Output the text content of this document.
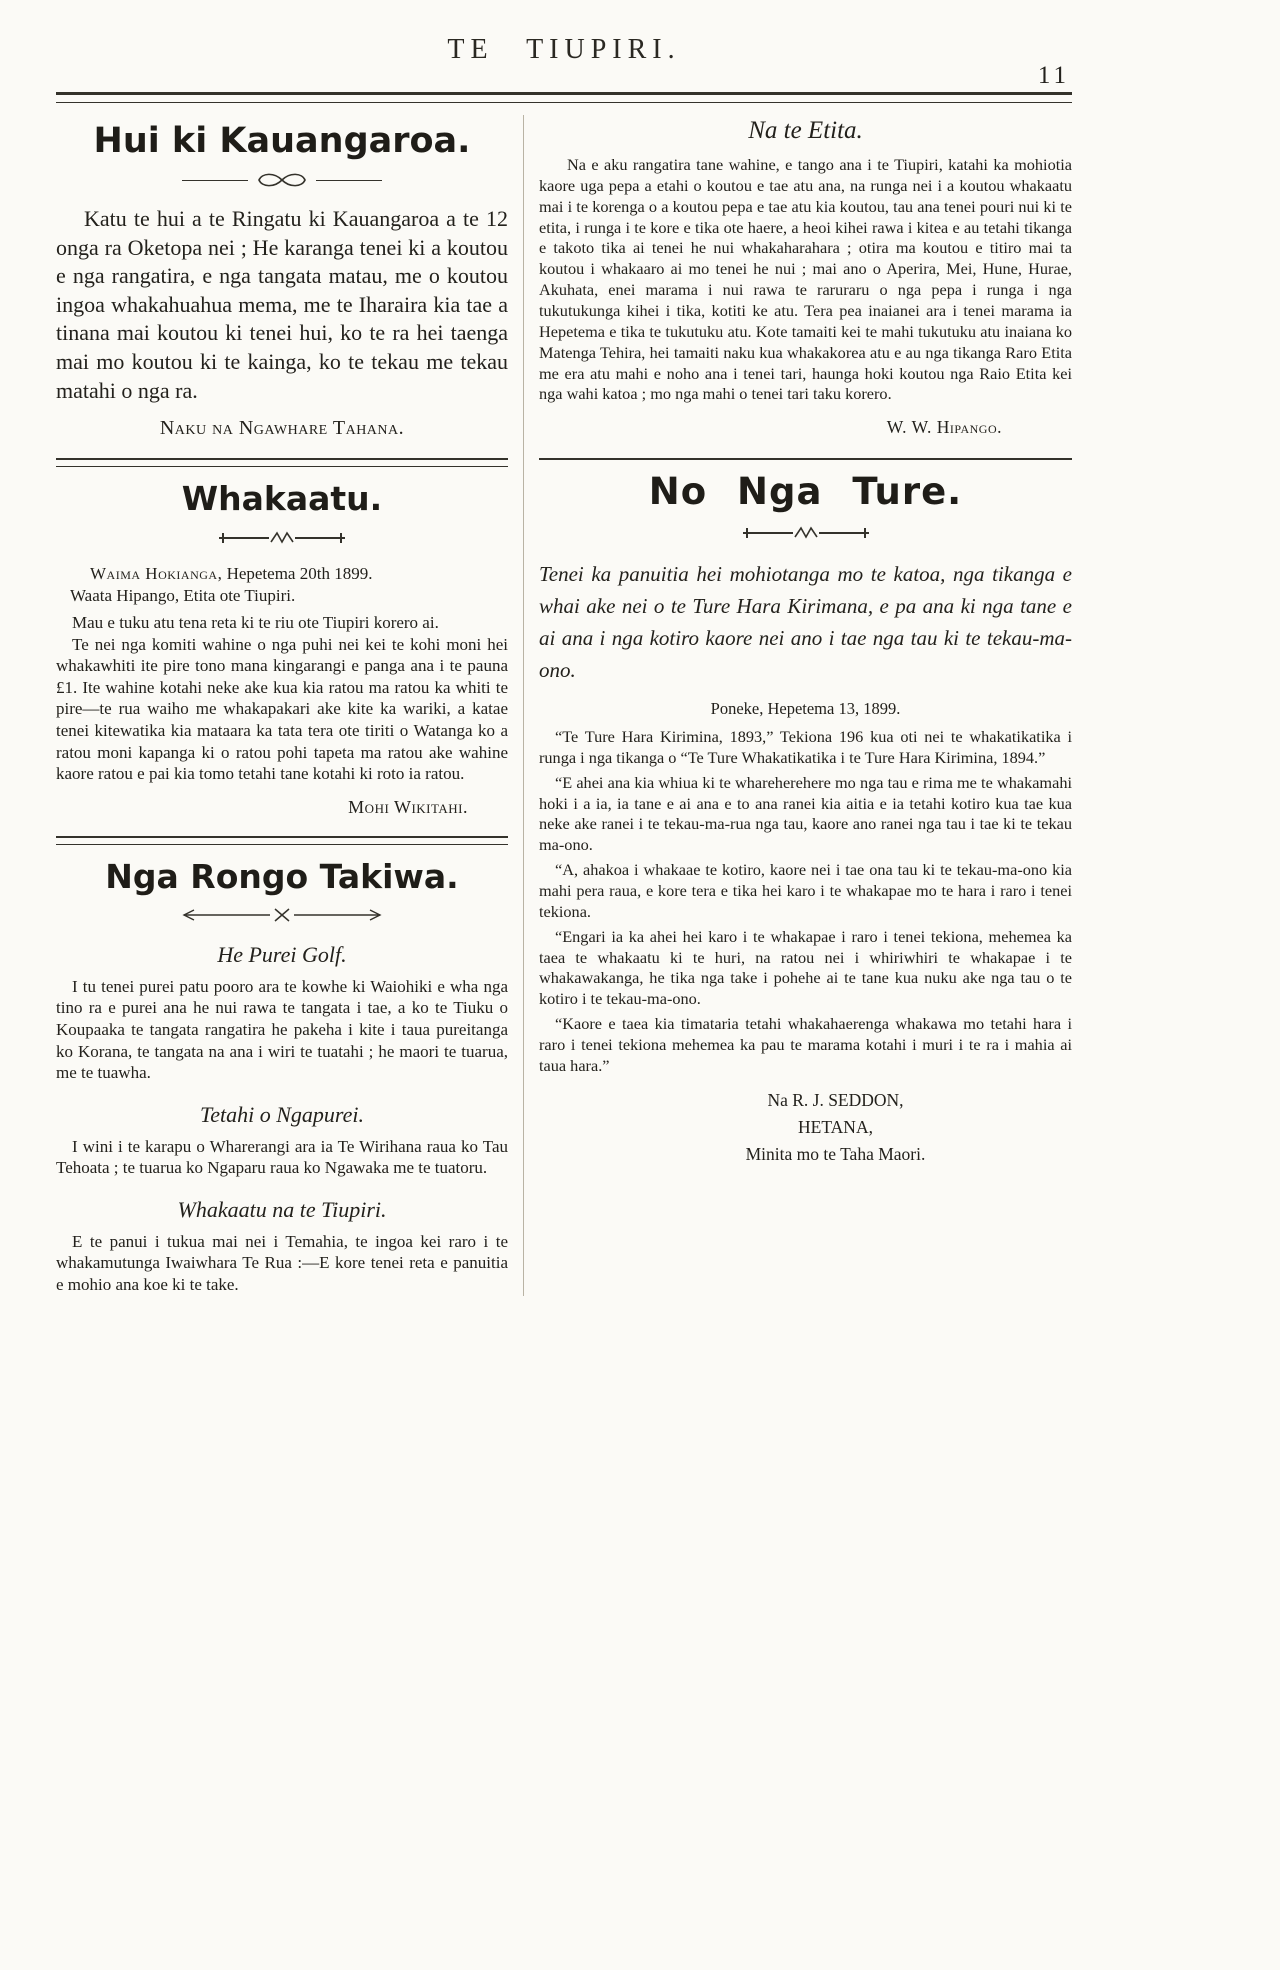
TE TIUPIRI.
11
Hui ki Kauangaroa.

Katu te hui a te Ringatu ki Kauangaroa a te 12 onga ra Oketopa nei ; He karanga tenei ki a koutou e nga rangatira, e nga tangata matau, me o koutou ingoa whakahuahua mema, me te Iharaira kia tae a tinana mai koutou ki tenei hui, ko te ra hei taenga mai mo koutou ki te kainga, ko te tekau me tekau matahi o nga ra.

Naku na Ngawhare Tahana.

Whakaatu.

Waima Hokianga, Hepetema 20th 1899.

Waata Hipango, Etita ote Tiupiri.

Mau e tuku atu tena reta ki te riu ote Tiupiri korero ai.

Te nei nga komiti wahine o nga puhi nei kei te kohi moni hei whakawhiti ite pire tono mana kingarangi e panga ana i te pauna £1. Ite wahine kotahi neke ake kua kia ratou ma ratou ka whiti te pire—te rua waiho me whakapakari ake kite ka wariki, a katae tenei kitewatika kia mataara ka tata tera ote tiriti o Watanga ko a ratou moni kapanga ki o ratou pohi tapeta ma ratou ake wahine kaore ratou e pai kia tomo tetahi tane kotahi ki roto ia ratou.

Mohi Wikitahi.

Nga Rongo Takiwa.
He Purei Golf.

I tu tenei purei patu pooro ara te kowhe ki Waiohiki e wha nga tino ra e purei ana he nui rawa te tangata i tae, a ko te Tiuku o Koupaaka te tangata rangatira he pakeha i kite i taua pureitanga ko Korana, te tangata na ana i wiri te tuatahi ; he maori te tuarua, me te tuawha.

Tetahi o Ngapurei.

I wini i te karapu o Wharerangi ara ia Te Wirihana raua ko Tau Tehoata ; te tuarua ko Ngaparu raua ko Ngawaka me te tuatoru.

Whakaatu na te Tiupiri.

E te panui i tukua mai nei i Temahia, te ingoa kei raro i te whakamutunga Iwaiwhara Te Rua :—E kore tenei reta e panuitia e mohio ana koe ki te take.

Na te Etita.

Na e aku rangatira tane wahine, e tango ana i te Tiupiri, katahi ka mohiotia kaore uga pepa a etahi o koutou e tae atu ana, na runga nei i a koutou whakaatu mai i te korenga o a koutou pepa e tae atu kia koutou, tau ana tenei pouri nui ki te etita, i runga i te kore e tika ote haere, a heoi kihei rawa i kitea e au tetahi tikanga e takoto tika ai tenei he nui whakaharahara ; otira ma koutou e titiro mai ta koutou i whakaaro ai mo tenei he nui ; mai ano o Aperira, Mei, Hune, Hurae, Akuhata, enei marama i nui rawa te raruraru o nga pepa i runga i nga tukutukunga kihei i tika, kotiti ke atu. Tera pea inaianei ara i tenei marama ia Hepetema e tika te tukutuku atu. Kote tamaiti kei te mahi tukutuku atu inaiana ko Matenga Tehira, hei tamaiti naku kua whakakorea atu e au nga tikanga Raro Etita me era atu mahi e noho ana i tenei tari, haunga hoki koutou nga Raio Etita kei nga wahi katoa ; mo nga mahi o tenei tari taku korero.

W. W. Hipango.

No Nga Ture.

Tenei ka panuitia hei mohiotanga mo te katoa, nga tikanga e whai ake nei o te Ture Hara Kirimana, e pa ana ki nga tane e ai ana i nga kotiro kaore nei ano i tae nga tau ki te tekau-ma-ono.

Poneke, Hepetema 13, 1899.

“Te Ture Hara Kirimina, 1893,” Tekiona 196 kua oti nei te whakatikatika i runga i nga tikanga o “Te Ture Whakatikatika i te Ture Hara Kirimina, 1894.”

“E ahei ana kia whiua ki te whareherehere mo nga tau e rima me te whakamahi hoki i a ia, ia tane e ai ana e to ana ranei kia aitia e ia tetahi kotiro kua tae kua neke ake ranei i te tekau-ma-rua nga tau, kaore ano ranei nga tau i tae ki te tekau ma-ono.

“A, ahakoa i whakaae te kotiro, kaore nei i tae ona tau ki te tekau-ma-ono kia mahi pera raua, e kore tera e tika hei karo i te whakapae mo te hara i raro i tenei tekiona.

“Engari ia ka ahei hei karo i te whakapae i raro i tenei tekiona, mehemea ka taea te whakaatu ki te huri, na ratou nei i whiriwhiri te whakapae i te whakawakanga, he tika nga take i pohehe ai te tane kua nuku ake nga tau o te kotiro i te tekau-ma-ono.

“Kaore e taea kia timataria tetahi whakahaerenga whakawa mo tetahi hara i raro i tenei tekiona mehemea ka pau te marama kotahi i muri i te ra i mahia ai taua hara.”

Na R. J. SEDDON,

HETANA,

Minita mo te Taha Maori.
